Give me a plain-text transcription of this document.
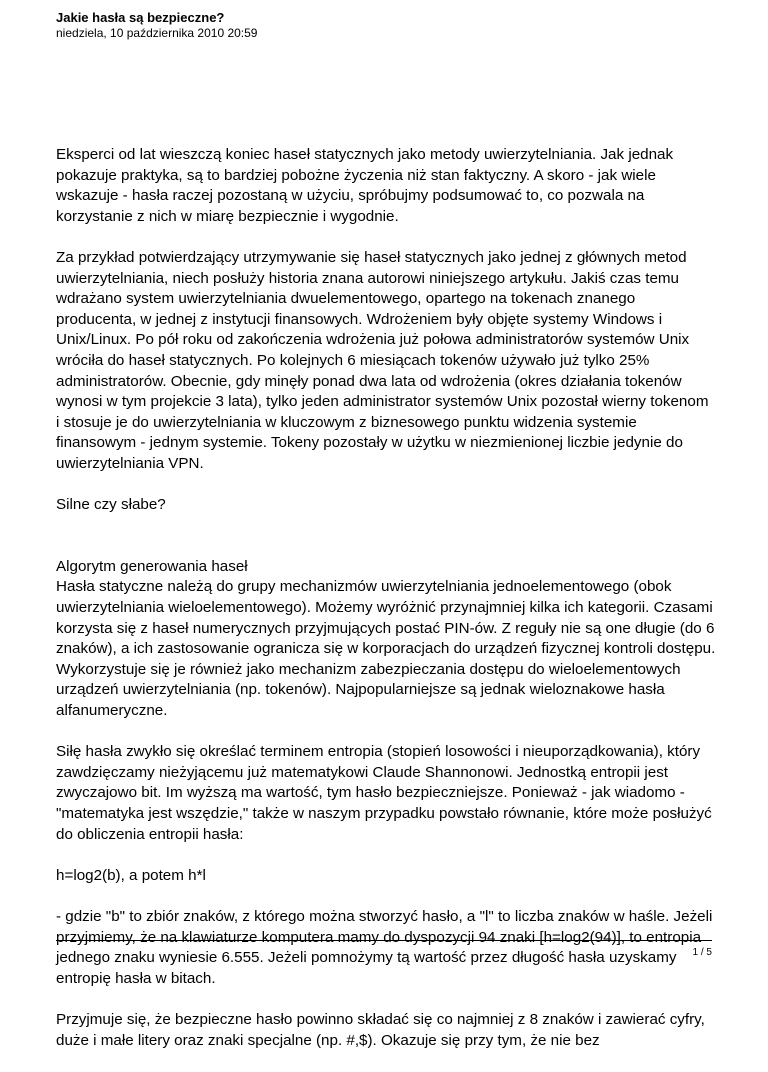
Jakie hasła są bezpieczne?
niedziela, 10 października 2010 20:59

Eksperci od lat wieszczą koniec haseł statycznych jako metody uwierzytelniania. Jak jednak pokazuje praktyka, są to bardziej pobożne życzenia niż stan faktyczny. A skoro - jak wiele wskazuje - hasła raczej pozostaną w użyciu, spróbujmy podsumować to, co pozwala na korzystanie z nich w miarę bezpiecznie i wygodnie.

Za przykład potwierdzający utrzymywanie się haseł statycznych jako jednej z głównych metod uwierzytelniania, niech posłuży historia znana autorowi niniejszego artykułu. Jakiś czas temu wdrażano system uwierzytelniania dwuelementowego, opartego na tokenach znanego producenta, w jednej z instytucji finansowych. Wdrożeniem były objęte systemy Windows i Unix/Linux. Po pół roku od zakończenia wdrożenia już połowa administratorów systemów Unix wróciła do haseł statycznych. Po kolejnych 6 miesiącach tokenów używało już tylko 25% administratorów. Obecnie, gdy minęły ponad dwa lata od wdrożenia (okres działania tokenów wynosi w tym projekcie 3 lata), tylko jeden administrator systemów Unix pozostał wierny tokenom i stosuje je do uwierzytelniania w kluczowym z biznesowego punktu widzenia systemie finansowym - jednym systemie. Tokeny pozostały w użytku w niezmienionej liczbie jedynie do uwierzytelniania VPN.

Silne czy słabe?

Algorytm generowania haseł

Hasła statyczne należą do grupy mechanizmów uwierzytelniania jednoelementowego (obok uwierzytelniania wieloelementowego). Możemy wyróżnić przynajmniej kilka ich kategorii. Czasami korzysta się z haseł numerycznych przyjmujących postać PIN-ów. Z reguły nie są one długie (do 6 znaków), a ich zastosowanie ogranicza się w korporacjach do urządzeń fizycznej kontroli dostępu. Wykorzystuje się je również jako mechanizm zabezpieczania dostępu do wieloelementowych urządzeń uwierzytelniania (np. tokenów). Najpopularniejsze są jednak wieloznakowe hasła alfanumeryczne.

Siłę hasła zwykło się określać terminem entropia (stopień losowości i nieuporządkowania), który zawdzięczamy nieżyjącemu już matematykowi Claude Shannonowi. Jednostką entropii jest zwyczajowo bit. Im wyższą ma wartość, tym hasło bezpieczniejsze. Ponieważ - jak wiadomo - "matematyka jest wszędzie," także w naszym przypadku powstało równanie, które może posłużyć do obliczenia entropii hasła:

h=log2(b), a potem h*l

- gdzie "b" to zbiór znaków, z którego można stworzyć hasło, a "l" to liczba znaków w haśle. Jeżeli przyjmiemy, że na klawiaturze komputera mamy do dyspozycji 94 znaki [h=log2(94)], to entropia jednego znaku wyniesie 6.555. Jeżeli pomnożymy tą wartość przez długość hasła uzyskamy entropię hasła w bitach.

Przyjmuje się, że bezpieczne hasło powinno składać się co najmniej z 8 znaków i zawierać cyfry, duże i małe litery oraz znaki specjalne (np. #,$). Okazuje się przy tym, że nie bez

1 / 5
